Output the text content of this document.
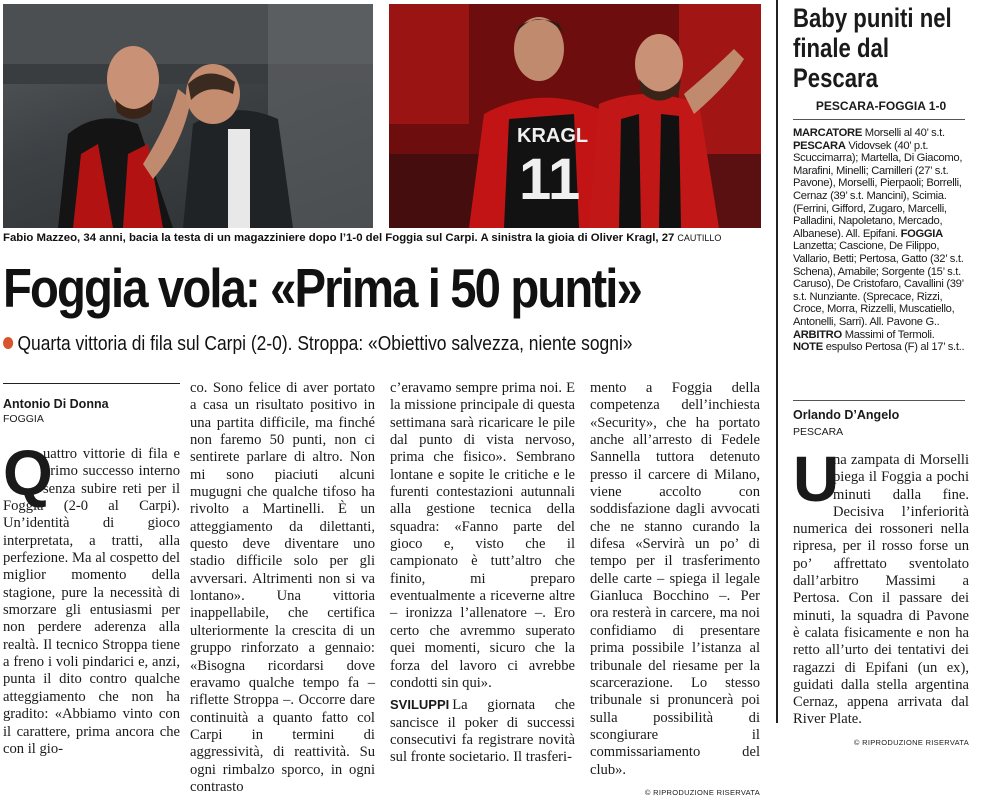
KRAGL
11
Fabio Mazzeo, 34 anni, bacia la testa di un magazziniere dopo l’1-0 del Foggia sul Carpi. A sinistra la gioia di Oliver Kragl, 27 CAUTILLO
Foggia vola: «Prima i 50 punti»
Quarta vittoria di fila sul Carpi (2-0). Stroppa: «Obiettivo salvezza, niente sogni»
Antonio Di Donna
FOGGIA

Q
uattro vittorie di fila e primo successo interno senza subire reti per il Foggia (2-0 al Carpi). Un’identità di gioco interpretata, a tratti, alla perfezione. Ma al cospetto del miglior momento della stagione, pure la necessità di smorzare gli entusiasmi per non perdere aderenza alla realtà. Il tecnico Stroppa tiene a freno i voli pindarici e, anzi, punta il dito contro qualche atteggiamento che non ha gradito: «Abbiamo vinto con il carattere, prima ancora che con il gio-

co. Sono felice di aver portato a casa un risultato positivo in una partita difficile, ma finché non faremo 50 punti, non ci sentirete parlare di altro. Non mi sono piaciuti alcuni mugugni che qualche tifoso ha rivolto a Martinelli. È un atteggiamento da dilettanti, questo deve diventare uno stadio difficile solo per gli avversari. Altrimenti non si va lontano». Una vittoria inappellabile, che certifica ulteriormente la crescita di un gruppo rinforzato a gennaio: «Bisogna ricordarsi dove eravamo qualche tempo fa – riflette Stroppa –. Occorre dare continuità a quanto fatto col Carpi in termini di aggressività, di reattività. Su ogni rimbalzo sporco, in ogni contrasto

c’eravamo sempre prima noi. E la missione principale di questa settimana sarà ricaricare le pile dal punto di vista nervoso, prima che fisico». Sembrano lontane e sopite le critiche e le furenti contestazioni autunnali alla gestione tecnica della squadra: «Fanno parte del gioco e, visto che il campionato è tutt’altro che finito, mi preparo eventualmente a riceverne altre – ironizza l’allenatore –. Ero certo che avremmo superato quei momenti, sicuro che la forza del lavoro ci avrebbe condotti sin qui».

SVILUPPI La giornata che sancisce il poker di successi consecutivi fa registrare novità sul fronte societario. Il trasferi-

mento a Foggia della competenza dell’inchiesta «Security», che ha portato anche all’arresto di Fedele Sannella tuttora detenuto presso il carcere di Milano, viene accolto con soddisfazione dagli avvocati che ne stanno curando la difesa «Servirà un po’ di tempo per il trasferimento delle carte – spiega il legale Gianluca Bocchino –. Per ora resterà in carcere, ma noi confidiamo di presentare prima possibile l’istanza al tribunale del riesame per la scarcerazione. Lo stesso tribunale si pronuncerà poi sulla possibilità di scongiurare il commissariamento del club».

© RIPRODUZIONE RISERVATA
Baby puniti nel finale dal Pescara
PESCARA-FOGGIA 1-0
MARCATORE Morselli al 40’ s.t.
PESCARA Vidovsek (40’ p.t. Scuccimarra); Martella, Di Giacomo, Marafini, Minelli; Camilleri (27’ s.t. Pavone), Morselli, Pierpaoli; Borrelli, Cernaz (39’ s.t. Mancini), Scimia. (Ferrini, Gifford, Zugaro, Marcelli, Palladini, Napoletano, Mercado, Albanese). All. Epifani. FOGGIA Lanzetta; Cascione, De Filippo, Vallario, Betti; Pertosa, Gatto (32’ s.t. Schena), Amabile; Sorgente (15’ s.t. Caruso), De Cristofaro, Cavallini (39’ s.t. Nunziante. (Sprecace, Rizzi, Croce, Morra, Rizzelli, Muscatiello, Antonelli, Sarri). All. Pavone G..
ARBITRO Massimi of Termoli.
NOTE espulso Pertosa (F) al 17’ s.t..
Orlando D’Angelo
PESCARA

U
na zampata di Morselli piega il Foggia a pochi minuti dalla fine. Decisiva l’inferiorità numerica dei rossoneri nella ripresa, per il rosso forse un po’ affrettato sventolato dall’arbitro Massimi a Pertosa. Con il passare dei minuti, la squadra di Pavone è calata fisicamente e non ha retto all’urto dei tentativi dei ragazzi di Epifani (un ex), guidati dalla stella argentina Cernaz, appena arrivata dal River Plate.

© RIPRODUZIONE RISERVATA
